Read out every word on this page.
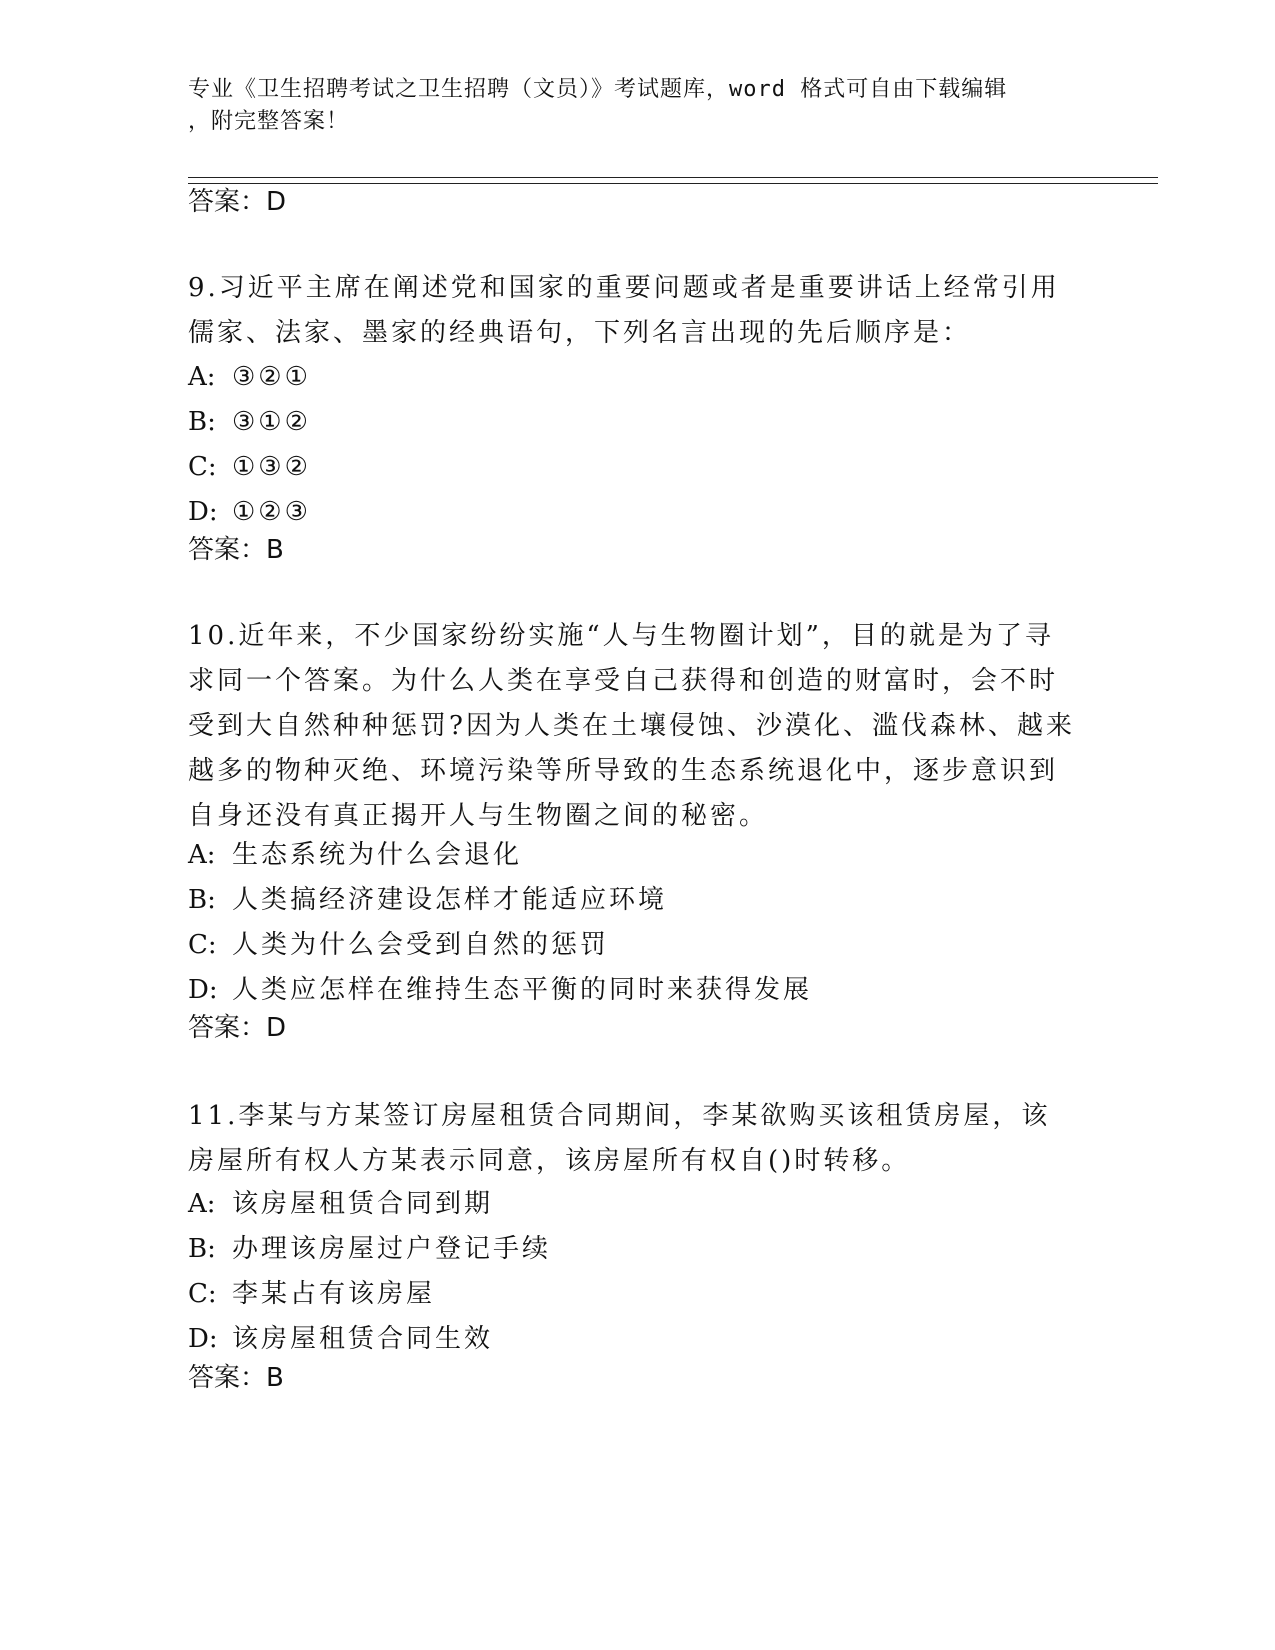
专业《卫生招聘考试之卫生招聘（文员）》考试题库，word 格式可自由下载编辑
，附完整答案！
答案：D
9.习近平主席在阐述党和国家的重要问题或者是重要讲话上经常引用儒家、法家、墨家的经典语句，下列名言出现的先后顺序是：
A: ③②①
B: ③①②
C: ①③②
D: ①②③
答案：B
10.近年来，不少国家纷纷实施“人与生物圈计划”，目的就是为了寻求同一个答案。为什么人类在享受自己获得和创造的财富时，会不时受到大自然种种惩罚?因为人类在土壤侵蚀、沙漠化、滥伐森林、越来越多的物种灭绝、环境污染等所导致的生态系统退化中，逐步意识到自身还没有真正揭开人与生物圈之间的秘密。
A: 生态系统为什么会退化
B: 人类搞经济建设怎样才能适应环境
C: 人类为什么会受到自然的惩罚
D: 人类应怎样在维持生态平衡的同时来获得发展
答案：D
11.李某与方某签订房屋租赁合同期间，李某欲购买该租赁房屋，该房屋所有权人方某表示同意，该房屋所有权自()时转移。
A: 该房屋租赁合同到期
B: 办理该房屋过户登记手续
C: 李某占有该房屋
D: 该房屋租赁合同生效
答案：B
